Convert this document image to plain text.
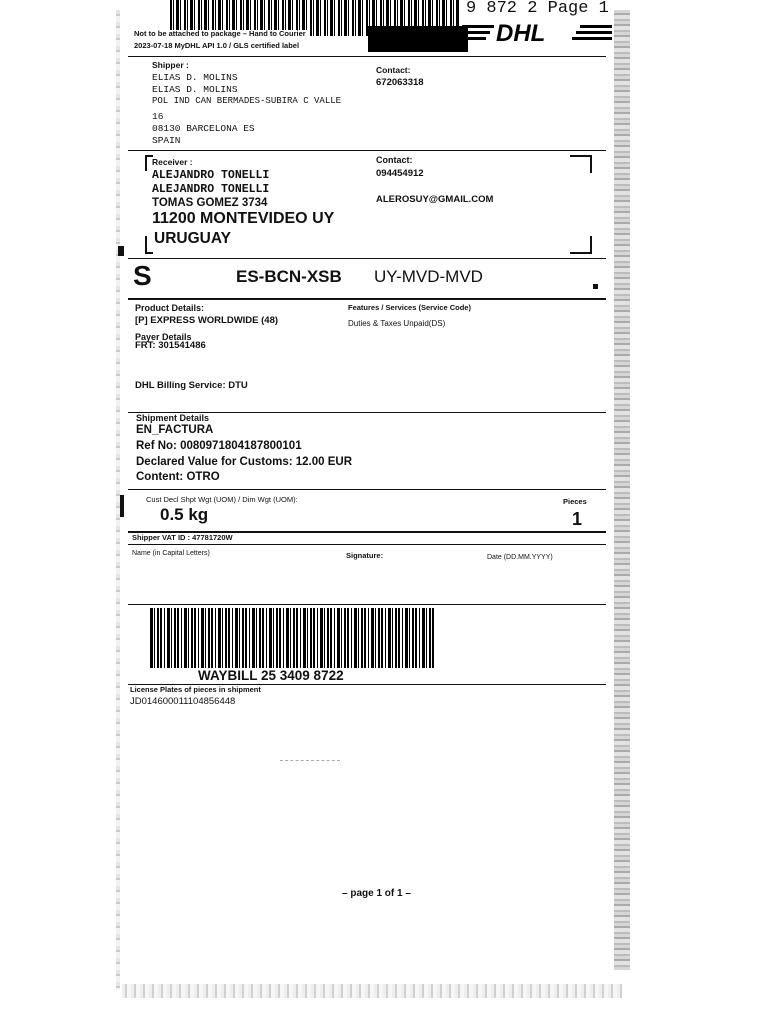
9 872 2 Page 1
Not to be attached to package – Hand to Courier
2023-07-18 MyDHL API 1.0 / GLS certified label	DHL
Shipper :
ELIAS D. MOLINS
ELIAS D. MOLINS
POL IND CAN BERMADES-SUBIRA C VALLE
16
08130 BARCELONA ES
SPAIN
Contact:
672063318
Receiver :
ALEJANDRO TONELLI
ALEJANDRO TONELLI
TOMAS GOMEZ 3734
11200 MONTEVIDEO UY
URUGUAY
Contact:
094454912
ALEROSUY@GMAIL.COM
S	ES-BCN-XSB UY-MVD-MVD
Product Details:
[P] EXPRESS WORLDWIDE (48)
Features / Services (Service Code)
Duties & Taxes Unpaid(DS)
Payer Details
FRT: 301541486
DHL Billing Service: DTU
Shipment Details
EN_FACTURA
Ref No: 0080971804187800101
Declared Value for Customs: 12.00 EUR
Content: OTRO
Cust Decl Shpt Wgt (UOM) / Dim Wgt (UOM):
0.5 kg
Pieces
1
Shipper VAT ID : 47781720W
Name (in Capital Letters)	Signature:	Date (DD.MM.YYYY)
WAYBILL 25 3409 8722
License Plates of pieces in shipment
JD014600011104856448
– page 1 of 1 –
